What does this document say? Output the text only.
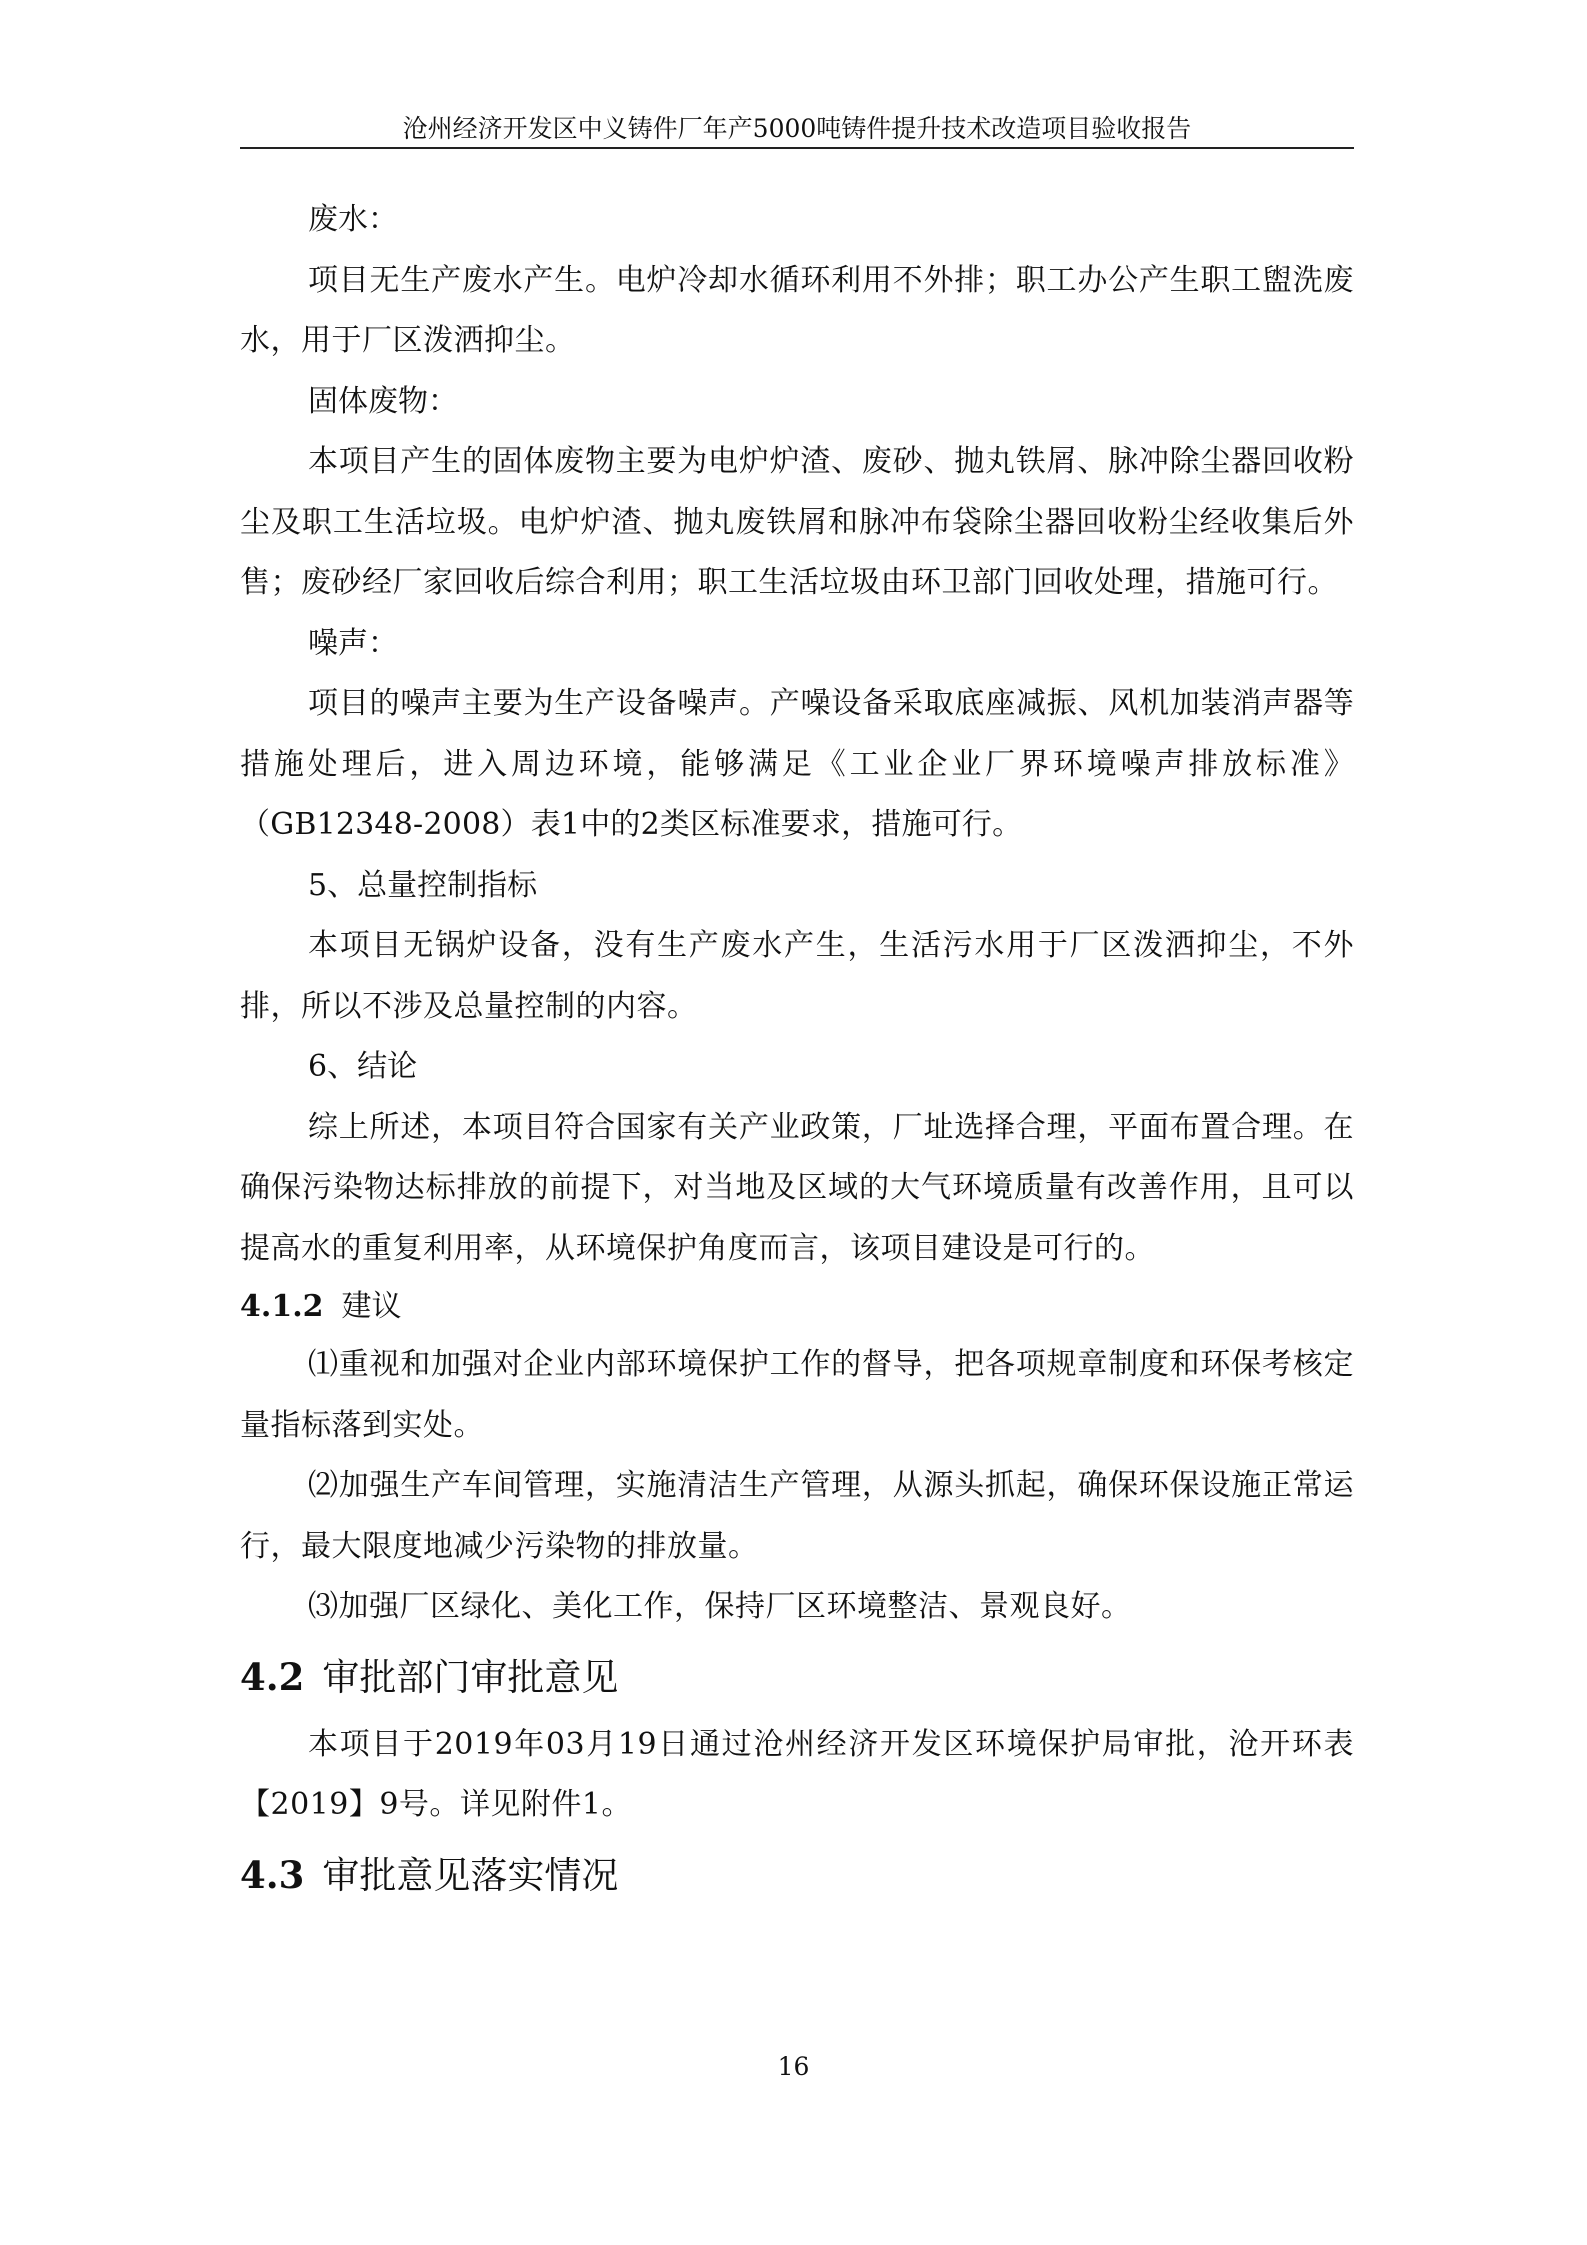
沧州经济开发区中义铸件厂年产5000吨铸件提升技术改造项目验收报告

废水：

项目无生产废水产生。电炉冷却水循环利用不外排；职工办公产生职工盥洗废水，用于厂区泼洒抑尘。

固体废物：

本项目产生的固体废物主要为电炉炉渣、废砂、抛丸铁屑、脉冲除尘器回收粉尘及职工生活垃圾。电炉炉渣、抛丸废铁屑和脉冲布袋除尘器回收粉尘经收集后外售；废砂经厂家回收后综合利用；职工生活垃圾由环卫部门回收处理，措施可行。

噪声：

项目的噪声主要为生产设备噪声。产噪设备采取底座减振、风机加装消声器等措施处理后，进入周边环境，能够满足《工业企业厂界环境噪声排放标准》（GB12348-2008）表1中的2类区标准要求，措施可行。

5、总量控制指标

本项目无锅炉设备，没有生产废水产生，生活污水用于厂区泼洒抑尘，不外排，所以不涉及总量控制的内容。

6、结论

综上所述，本项目符合国家有关产业政策，厂址选择合理，平面布置合理。在确保污染物达标排放的前提下，对当地及区域的大气环境质量有改善作用，且可以提高水的重复利用率，从环境保护角度而言，该项目建设是可行的。

4.1.2 建议

⑴重视和加强对企业内部环境保护工作的督导，把各项规章制度和环保考核定量指标落到实处。

⑵加强生产车间管理，实施清洁生产管理，从源头抓起，确保环保设施正常运行，最大限度地减少污染物的排放量。

⑶加强厂区绿化、美化工作，保持厂区环境整洁、景观良好。

4.2 审批部门审批意见

本项目于2019年03月19日通过沧州经济开发区环境保护局审批，沧开环表【2019】9号。详见附件1。

4.3 审批意见落实情况
16
